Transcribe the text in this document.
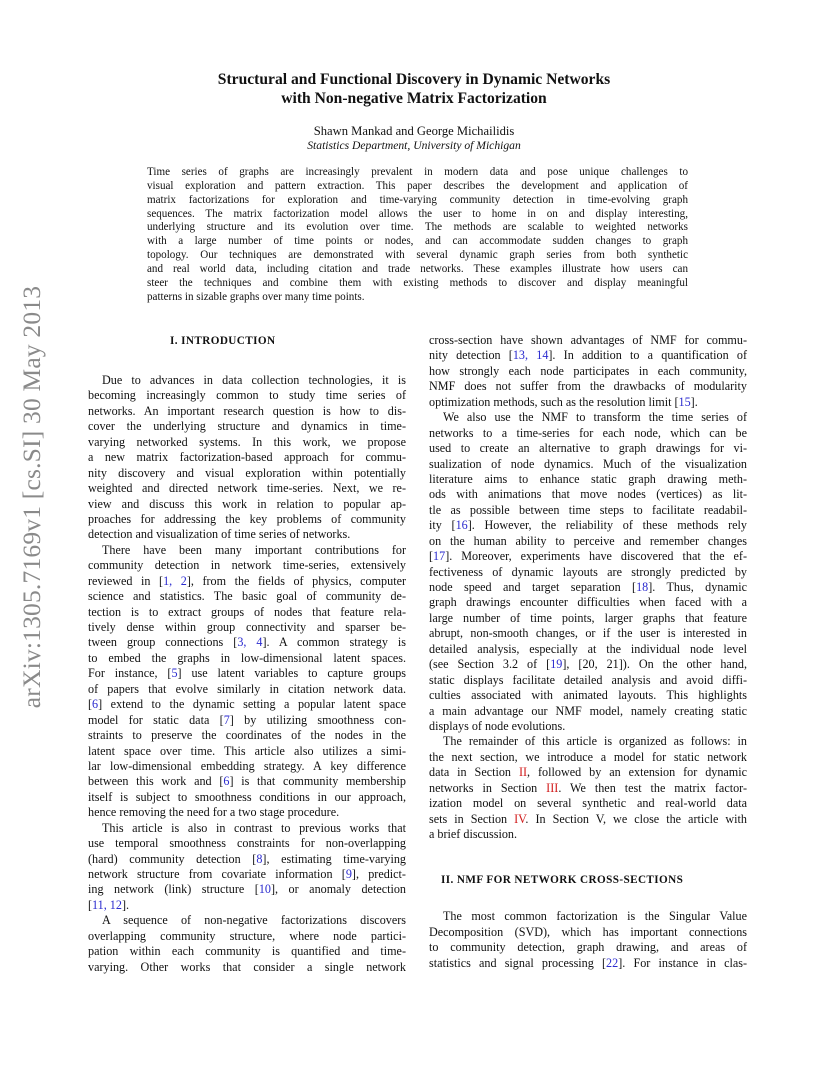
arXiv:1305.7169v1 [cs.SI] 30 May 2013
Structural and Functional Discovery in Dynamic Networks
with Non-negative Matrix Factorization
Shawn Mankad and George Michailidis
Statistics Department, University of Michigan
Time series of graphs are increasingly prevalent in modern data and pose unique challenges to
visual exploration and pattern extraction. This paper describes the development and application of
matrix factorizations for exploration and time-varying community detection in time-evolving graph
sequences. The matrix factorization model allows the user to home in on and display interesting,
underlying structure and its evolution over time. The methods are scalable to weighted networks
with a large number of time points or nodes, and can accommodate sudden changes to graph
topology. Our techniques are demonstrated with several dynamic graph series from both synthetic
and real world data, including citation and trade networks. These examples illustrate how users can
steer the techniques and combine them with existing methods to discover and display meaningful
patterns in sizable graphs over many time points.
I. INTRODUCTION
Due to advances in data collection technologies, it is
becoming increasingly common to study time series of
networks. An important research question is how to dis-
cover the underlying structure and dynamics in time-
varying networked systems. In this work, we propose
a new matrix factorization-based approach for commu-
nity discovery and visual exploration within potentially
weighted and directed network time-series. Next, we re-
view and discuss this work in relation to popular ap-
proaches for addressing the key problems of community
detection and visualization of time series of networks.
There have been many important contributions for
community detection in network time-series, extensively
reviewed in [1, 2], from the fields of physics, computer
science and statistics. The basic goal of community de-
tection is to extract groups of nodes that feature rela-
tively dense within group connectivity and sparser be-
tween group connections [3, 4]. A common strategy is
to embed the graphs in low-dimensional latent spaces.
For instance, [5] use latent variables to capture groups
of papers that evolve similarly in citation network data.
[6] extend to the dynamic setting a popular latent space
model for static data [7] by utilizing smoothness con-
straints to preserve the coordinates of the nodes in the
latent space over time. This article also utilizes a simi-
lar low-dimensional embedding strategy. A key difference
between this work and [6] is that community membership
itself is subject to smoothness conditions in our approach,
hence removing the need for a two stage procedure.
This article is also in contrast to previous works that
use temporal smoothness constraints for non-overlapping
(hard) community detection [8], estimating time-varying
network structure from covariate information [9], predict-
ing network (link) structure [10], or anomaly detection
[11, 12].
A sequence of non-negative factorizations discovers
overlapping community structure, where node partici-
pation within each community is quantified and time-
varying. Other works that consider a single network
cross-section have shown advantages of NMF for commu-
nity detection [13, 14]. In addition to a quantification of
how strongly each node participates in each community,
NMF does not suffer from the drawbacks of modularity
optimization methods, such as the resolution limit [15].
We also use the NMF to transform the time series of
networks to a time-series for each node, which can be
used to create an alternative to graph drawings for vi-
sualization of node dynamics. Much of the visualization
literature aims to enhance static graph drawing meth-
ods with animations that move nodes (vertices) as lit-
tle as possible between time steps to facilitate readabil-
ity [16]. However, the reliability of these methods rely
on the human ability to perceive and remember changes
[17]. Moreover, experiments have discovered that the ef-
fectiveness of dynamic layouts are strongly predicted by
node speed and target separation [18]. Thus, dynamic
graph drawings encounter difficulties when faced with a
large number of time points, larger graphs that feature
abrupt, non-smooth changes, or if the user is interested in
detailed analysis, especially at the individual node level
(see Section 3.2 of [19], [20, 21]). On the other hand,
static displays facilitate detailed analysis and avoid diffi-
culties associated with animated layouts. This highlights
a main advantage our NMF model, namely creating static
displays of node evolutions.
The remainder of this article is organized as follows: in
the next section, we introduce a model for static network
data in Section II, followed by an extension for dynamic
networks in Section III. We then test the matrix factor-
ization model on several synthetic and real-world data
sets in Section IV. In Section V, we close the article with
a brief discussion.
II. NMF FOR NETWORK CROSS-SECTIONS
The most common factorization is the Singular Value
Decomposition (SVD), which has important connections
to community detection, graph drawing, and areas of
statistics and signal processing [22]. For instance in clas-
